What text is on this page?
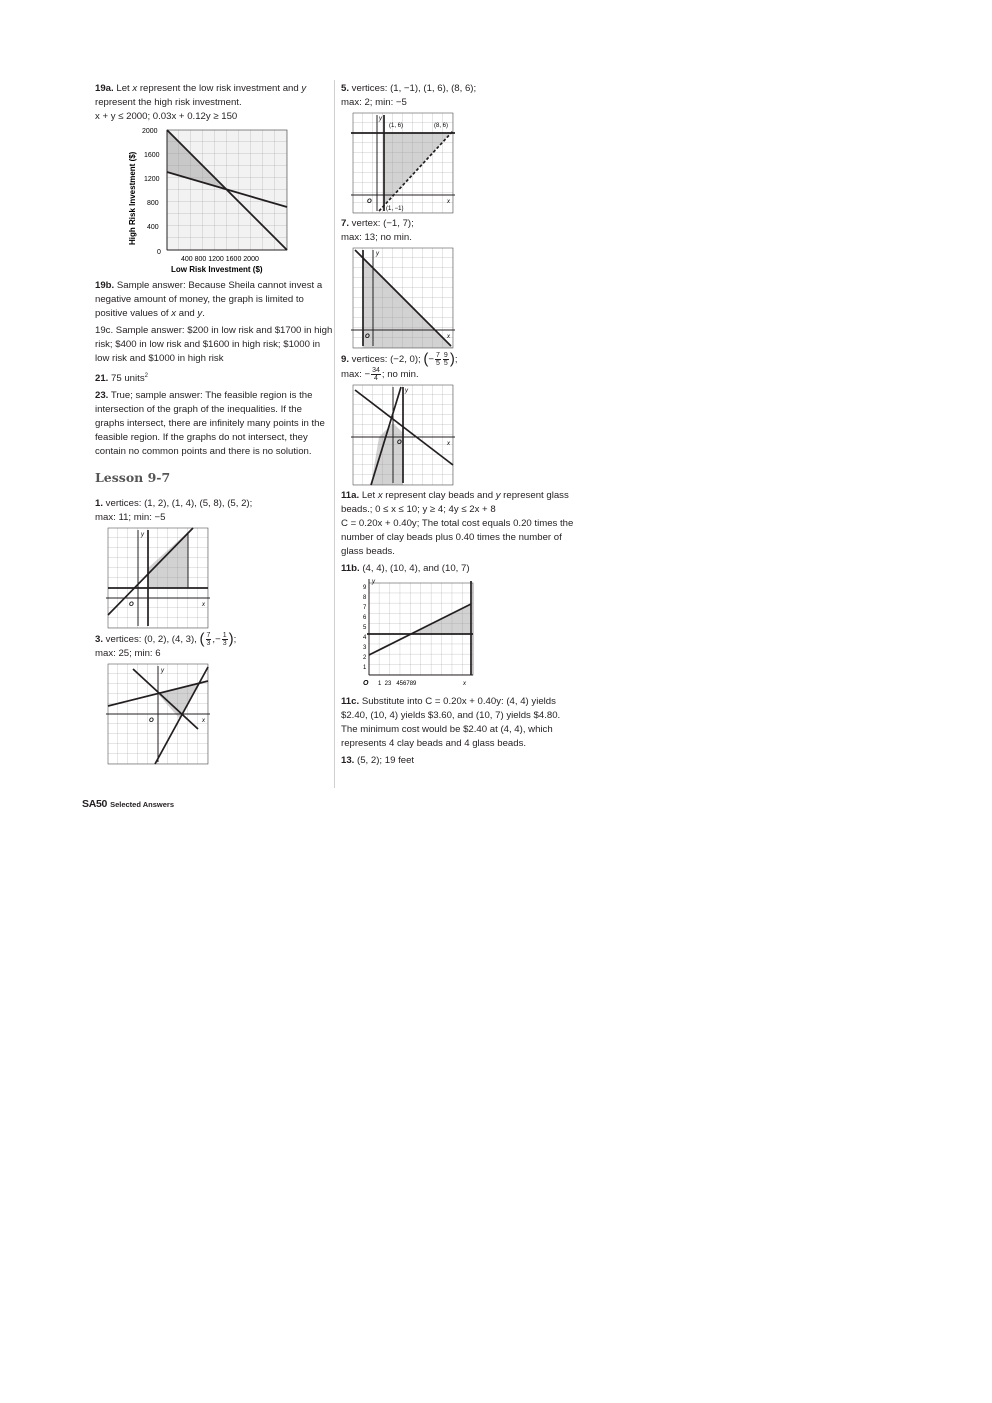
19a. Let x represent the low risk investment and y represent the high risk investment.
x + y ≤ 2000; 0.03x + 0.12y ≥ 150

2000
1600
1200
800
400
0
400 800 1200 1600 2000
Low Risk Investment ($)
High Risk Investment ($)

19b. Sample answer: Because Sheila cannot invest a negative amount of money, the graph is limited to positive values of x and y.

19c. Sample answer: $200 in low risk and $1700 in high risk; $400 in low risk and $1600 in high risk; $1000 in low risk and $1000 in high risk

21. 75 units$^2$

23. True; sample answer: The feasible region is the intersection of the graph of the inequalities. If the graphs intersect, there are infinitely many points in the feasible region. If the graphs do not intersect, they contain no common points and there is no solution.

Lesson 9-7

1. vertices: (1, 2), (1, 4), (5, 8), (5, 2);
max: 11; min: −5

y
O	x

3. vertices: (0, 2), (4, 3), ( $\frac{7}{3}$ ,− $\frac{1}{3}$ );
max: 25; min: 6

y
O	x

5. vertices: (1, −1), (1, 6), (8, 6);
max: 2; min: −5

(1, 6)	(8, 6)
(1, −1)
y
O	x

7. vertex: (−1, 7);
max: 13; no min.

y
O	x

9. vertices: (−2, 0); (− $\frac{7}{5} \frac{9}{5}$ );
max: − $\frac{34}{4}$ ; no min.

y
O	x

11a. Let x represent clay beads and y represent glass beads.; 0 ≤ x ≤ 10; y ≥ 4; 4y ≤ 2x + 8
C = 0.20x + 0.40y; The total cost equals 0.20 times the number of clay beads plus 0.40 times the number of glass beads.

11b. (4, 4), (10, 4), and (10, 7)

y
9
8
7
6
5
4
3
2
1
O 1  23   456789	x

11c. Substitute into C = 0.20x + 0.40y: (4, 4) yields $2.40, (10, 4) yields $3.60, and (10, 7) yields $4.80. The minimum cost would be $2.40 at (4, 4), which represents 4 clay beads and 4 glass beads.

13. (5, 2); 19 feet

SA50 Selected Answers
